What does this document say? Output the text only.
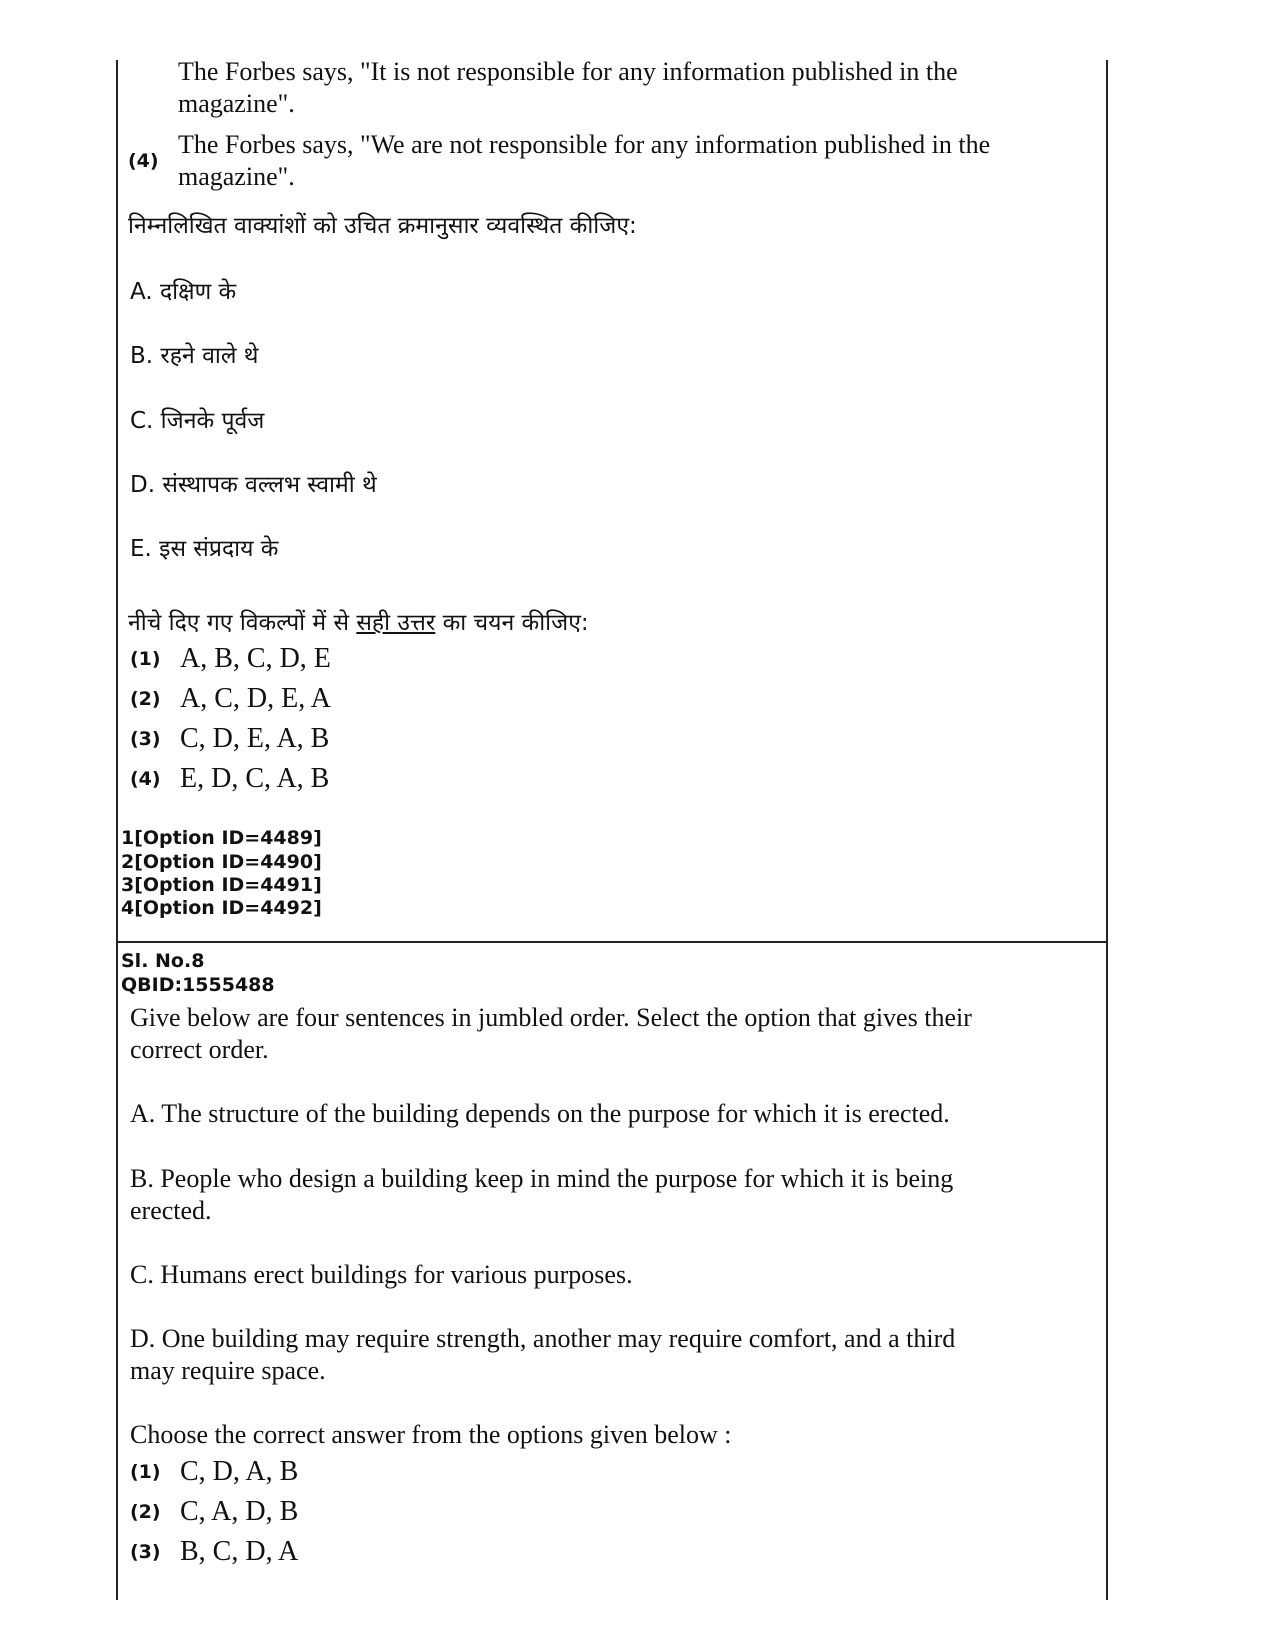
The Forbes says, "It is not responsible for any information published in the
magazine".
(4)
The Forbes says, "We are not responsible for any information published in the
magazine".
निम्नलिखित वाक्यांशों को उचित क्रमानुसार व्यवस्थित कीजिए:
A. दक्षिण के
B. रहने वाले थे
C. जिनके पूर्वज
D. संस्थापक वल्लभ स्वामी थे
E. इस संप्रदाय के
नीचे दिए गए विकल्पों में से सही उत्तर का चयन कीजिए:
(1) A, B, C, D, E
(2) A, C, D, E, A
(3) C, D, E, A, B
(4) E, D, C, A, B
1[Option ID=4489]
2[Option ID=4490]
3[Option ID=4491]
4[Option ID=4492]
Sl. No.8
QBID:1555488
Give below are four sentences in jumbled order. Select the option that gives their
correct order.
A. The structure of the building depends on the purpose for which it is erected.
B. People who design a building keep in mind the purpose for which it is being
erected.
C. Humans erect buildings for various purposes.
D. One building may require strength, another may require comfort, and a third
may require space.
Choose the correct answer from the options given below :
(1) C, D, A, B
(2) C, A, D, B
(3) B, C, D, A
